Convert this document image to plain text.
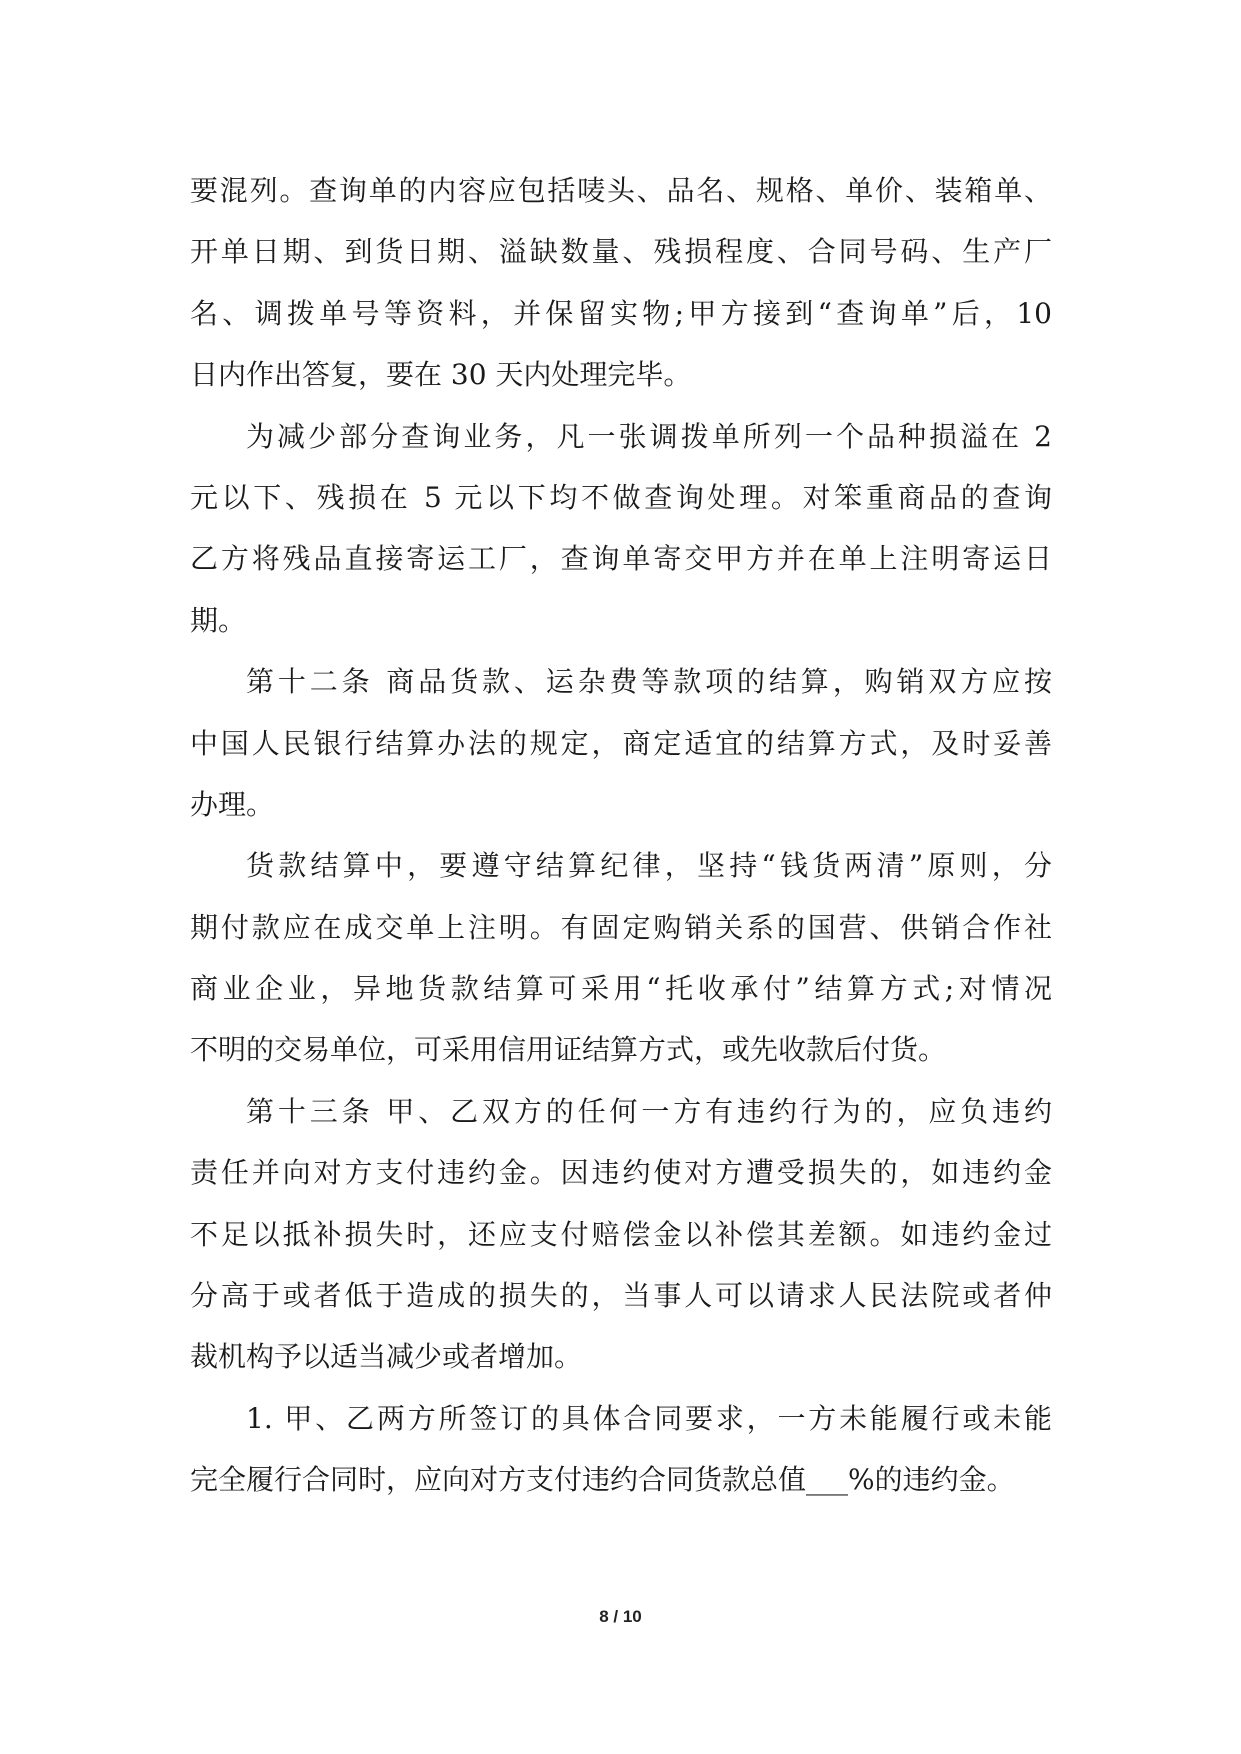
要混列。查询单的内容应包括唛头、品名、规格、单价、装箱单、
开单日期、到货日期、溢缺数量、残损程度、合同号码、生产厂
名、调拨单号等资料，并保留实物;甲方接到“查询单”后，10
日内作出答复，要在 30 天内处理完毕。
为减少部分查询业务，凡一张调拨单所列一个品种损溢在 2
元以下、残损在 5 元以下均不做查询处理。对笨重商品的查询
乙方将残品直接寄运工厂，查询单寄交甲方并在单上注明寄运日
期。
第十二条 商品货款、运杂费等款项的结算，购销双方应按
中国人民银行结算办法的规定，商定适宜的结算方式，及时妥善
办理。
货款结算中，要遵守结算纪律，坚持“钱货两清”原则，分
期付款应在成交单上注明。有固定购销关系的国营、供销合作社
商业企业，异地货款结算可采用“托收承付”结算方式;对情况
不明的交易单位，可采用信用证结算方式，或先收款后付货。
第十三条 甲、乙双方的任何一方有违约行为的，应负违约
责任并向对方支付违约金。因违约使对方遭受损失的，如违约金
不足以抵补损失时，还应支付赔偿金以补偿其差额。如违约金过
分高于或者低于造成的损失的，当事人可以请求人民法院或者仲
裁机构予以适当减少或者增加。
1. 甲、乙两方所签订的具体合同要求，一方未能履行或未能
完全履行合同时，应向对方支付违约合同货款总值___%的违约金。
8 / 10
